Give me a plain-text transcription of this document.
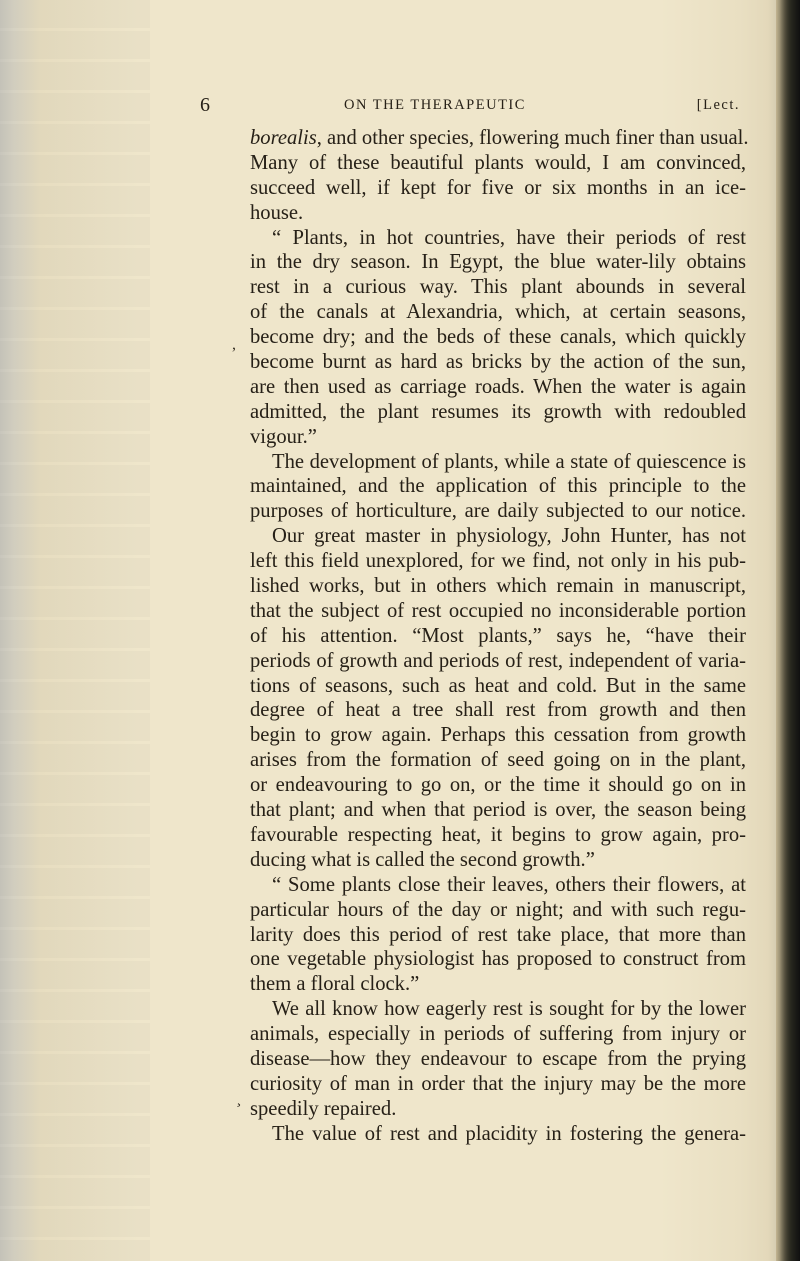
6	ON THE THERAPEUTIC	[Lect.
borealis, and other species, flowering much finer than usual.
Many of these beautiful plants would, I am convinced,
succeed well, if kept for five or six months in an ice-
house.
“ Plants, in hot countries, have their periods of rest
in the dry season. In Egypt, the blue water-lily obtains
rest in a curious way. This plant abounds in several
of the canals at Alexandria, which, at certain seasons,
become dry; and the beds of these canals, which quickly
become burnt as hard as bricks by the action of the sun,
are then used as carriage roads. When the water is again
admitted, the plant resumes its growth with redoubled
vigour.”
The development of plants, while a state of quiescence is
maintained, and the application of this principle to the
purposes of horticulture, are daily subjected to our notice.
Our great master in physiology, John Hunter, has not
left this field unexplored, for we find, not only in his pub-
lished works, but in others which remain in manuscript,
that the subject of rest occupied no inconsiderable portion
of his attention. “Most plants,” says he, “have their
periods of growth and periods of rest, independent of varia-
tions of seasons, such as heat and cold. But in the same
degree of heat a tree shall rest from growth and then
begin to grow again. Perhaps this cessation from growth
arises from the formation of seed going on in the plant,
or endeavouring to go on, or the time it should go on in
that plant; and when that period is over, the season being
favourable respecting heat, it begins to grow again, pro-
ducing what is called the second growth.”
“ Some plants close their leaves, others their flowers, at
particular hours of the day or night; and with such regu-
larity does this period of rest take place, that more than
one vegetable physiologist has proposed to construct from
them a floral clock.”
We all know how eagerly rest is sought for by the lower
animals, especially in periods of suffering from injury or
disease—how they endeavour to escape from the prying
curiosity of man in order that the injury may be the more
speedily repaired.
The value of rest and placidity in fostering the genera-
,
¸
